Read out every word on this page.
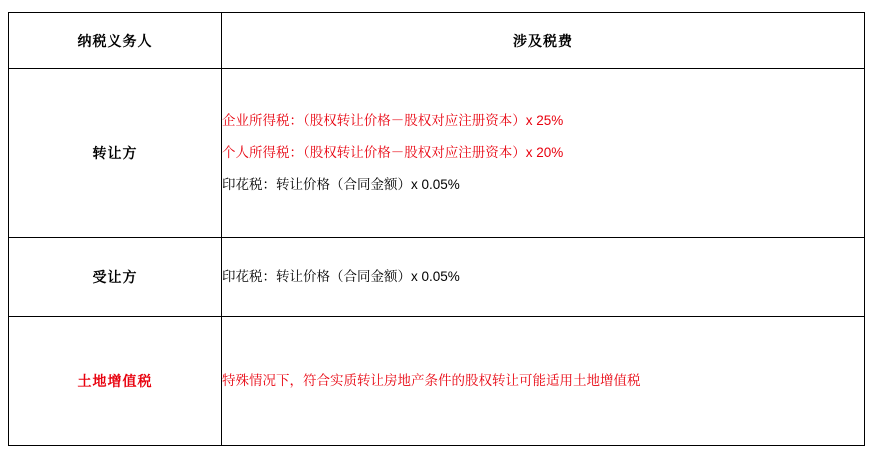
纳税义务人	涉及税费
转让方	企业所得税：（股权转让价格－股权对应注册资本）x 25%

个人所得税：（股权转让价格－股权对应注册资本）x 20%

印花税：转让价格（合同金额）x 0.05%

受让方	印花税：转让价格（合同金额）x 0.05%

土地增值税	特殊情况下，符合实质转让房地产条件的股权转让可能适用土地增值税
